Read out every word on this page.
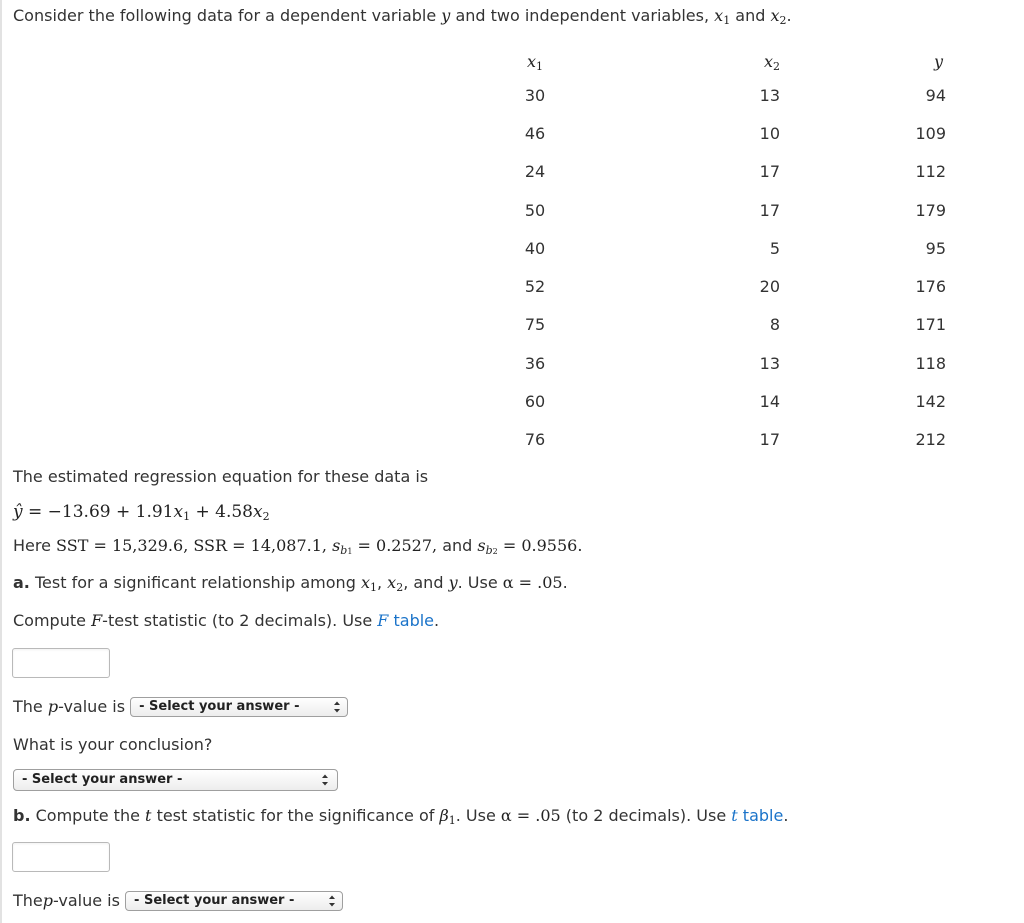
Consider the following data for a dependent variable y and two independent variables, $x_1$ and $x_2$.
$x_1$	$x_2$	y
30	13	94
46	10	109
24	17	112
50	17	179
40	5	95
52	20	176
75	8	171
36	13	118
60	14	142
76	17	212
The estimated regression equation for these data is
ŷ = $-13.69 + 1.91x_1 + 4.58x_2$
Here SST = 15,329.6, SSR = 14,087.1, $s_{b1} = 0.2527$, and $s_{b2} = 0.9556$.
a. Test for a significant relationship among $x_1$, $x_2$, and y. Use α = .05.
Compute F-test statistic (to 2 decimals). Use F table.
The p-value is - Select your answer -
What is your conclusion?
- Select your answer -
b. Compute the t test statistic for the significance of $\beta_1$. Use α = .05 (to 2 decimals). Use t table.
Thep-value is - Select your answer -
